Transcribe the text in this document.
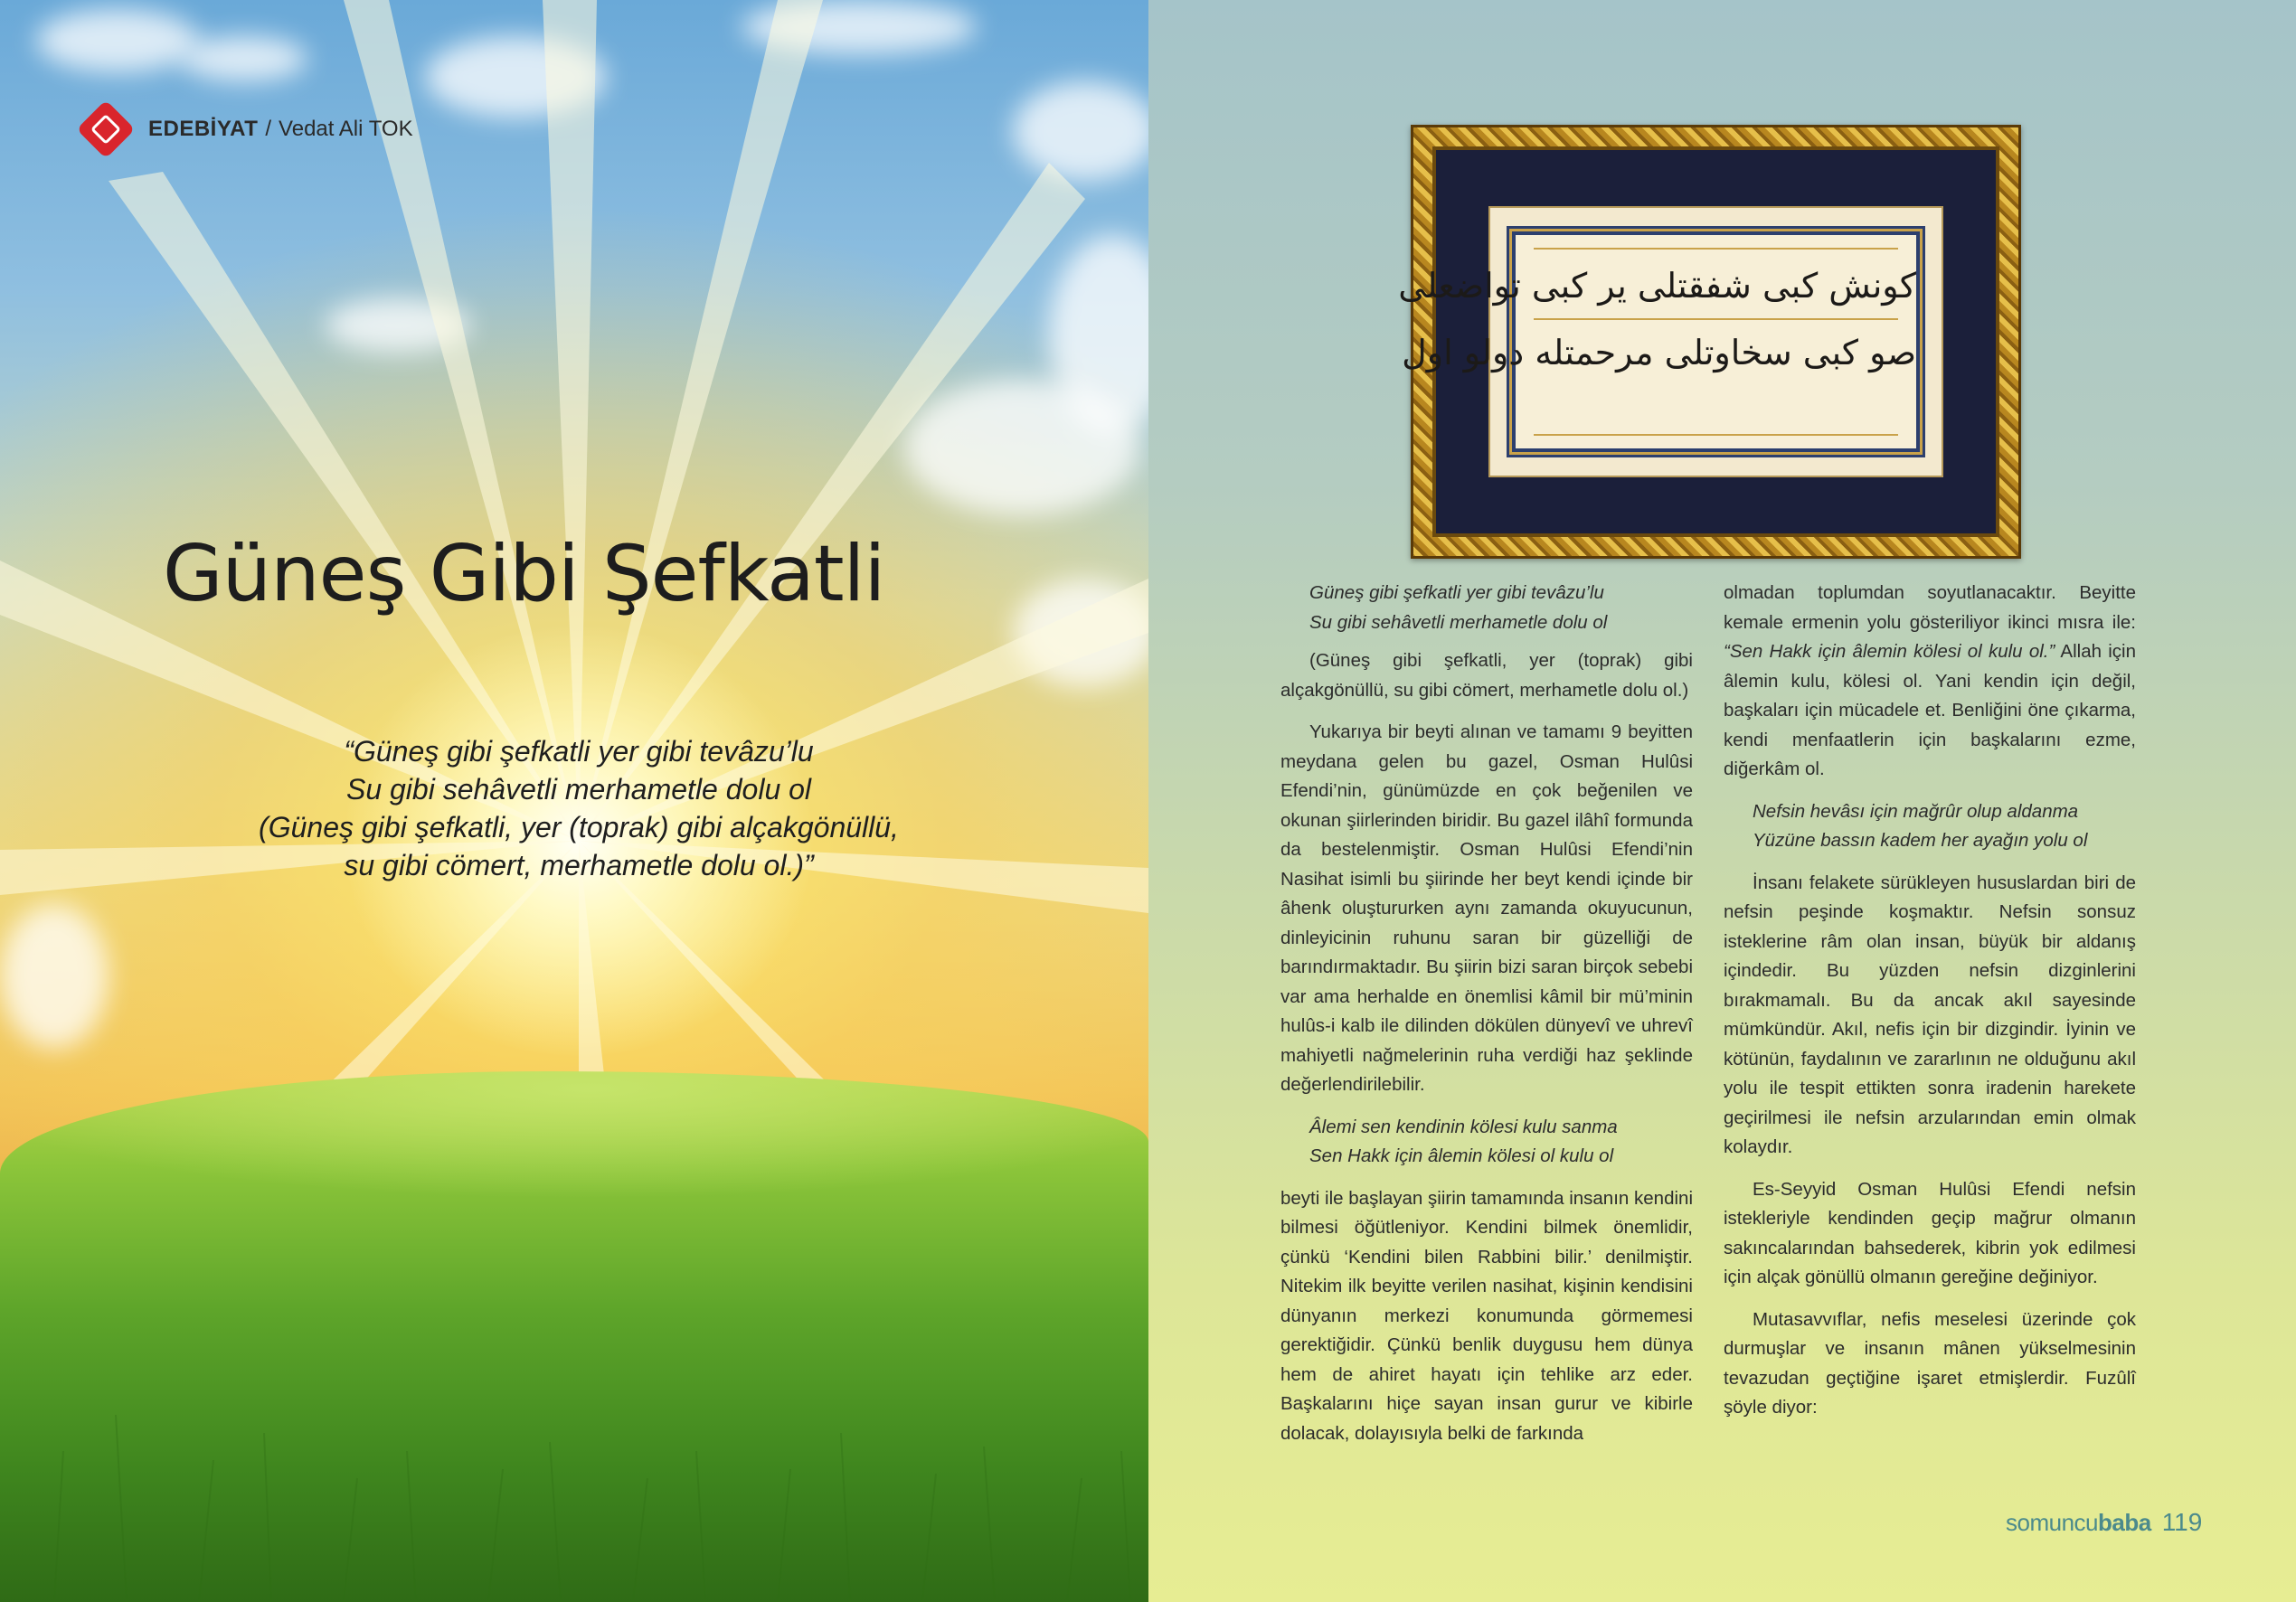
EDEBİYAT / Vedat Ali TOK
Güneş Gibi Şefkatli
“Güneş gibi şefkatli yer gibi tevâzu’lu
Su gibi sehâvetli merhametle dolu ol
(Güneş gibi şefkatli, yer (toprak) gibi alçakgönüllü,
su gibi cömert, merhametle dolu ol.)”
کونش کبی شفقتلی یر کبی تواضعلی
صو کبی سخاوتلی مرحمتله دولو اول
Güneş gibi şefkatli yer gibi tevâzu’lu
Su gibi sehâvetli merhametle dolu ol

(Güneş gibi şefkatli, yer (toprak) gibi alçakgönüllü, su gibi cömert, merhametle dolu ol.)

Yukarıya bir beyti alınan ve tamamı 9 beyitten meydana gelen bu gazel, Osman Hulûsi Efendi’nin, günümüzde en çok beğenilen ve okunan şiirlerinden biridir. Bu gazel ilâhî formunda da bestelenmiştir. Osman Hulûsi Efendi’nin Nasihat isimli bu şiirinde her beyt kendi içinde bir âhenk oluştururken aynı zamanda okuyucunun, dinleyicinin ruhunu saran bir güzelliği de barındırmaktadır. Bu şiirin bizi saran birçok sebebi var ama herhalde en önemlisi kâmil bir mü’minin hulûs-i kalb ile dilinden dökülen dünyevî ve uhrevî mahiyetli nağmelerinin ruha verdiği haz şeklinde değerlendirilebilir.

Âlemi sen kendinin kölesi kulu sanma
Sen Hakk için âlemin kölesi ol kulu ol

beyti ile başlayan şiirin tamamında insanın kendini bilmesi öğütleniyor. Kendini bilmek önemlidir, çünkü ‘Kendini bilen Rabbini bilir.’ denilmiştir. Nitekim ilk beyitte verilen nasihat, kişinin kendisini dünyanın merkezi konumunda görmemesi gerektiğidir. Çünkü benlik duygusu hem dünya hem de ahiret hayatı için tehlike arz eder. Başkalarını hiçe sayan insan gurur ve kibirle dolacak, dolayısıyla belki de farkında

olmadan toplumdan soyutlanacaktır. Beyitte kemale ermenin yolu gösteriliyor ikinci mısra ile: “Sen Hakk için âlemin kölesi ol kulu ol.” Allah için âlemin kulu, kölesi ol. Yani kendin için değil, başkaları için mücadele et. Benliğini öne çıkarma, kendi menfaatlerin için başkalarını ezme, diğerkâm ol.

Nefsin hevâsı için mağrûr olup aldanma
Yüzüne bassın kadem her ayağın yolu ol

İnsanı felakete sürükleyen hususlardan biri de nefsin peşinde koşmaktır. Nefsin sonsuz isteklerine râm olan insan, büyük bir aldanış içindedir. Bu yüzden nefsin dizginlerini bırakmamalı. Bu da ancak akıl sayesinde mümkündür. Akıl, nefis için bir dizgindir. İyinin ve kötünün, faydalının ve zararlının ne olduğunu akıl yolu ile tespit ettikten sonra iradenin harekete geçirilmesi ile nefsin arzularından emin olmak kolaydır.

Es-Seyyid Osman Hulûsi Efendi nefsin istekleriyle kendinden geçip mağrur olmanın sakıncalarından bahsederek, kibrin yok edilmesi için alçak gönüllü olmanın gereğine değiniyor.

Mutasavvıflar, nefis meselesi üzerinde çok durmuşlar ve insanın mânen yükselmesinin tevazudan geçtiğine işaret etmişlerdir. Fuzûlî şöyle diyor:

somuncu baba 119
